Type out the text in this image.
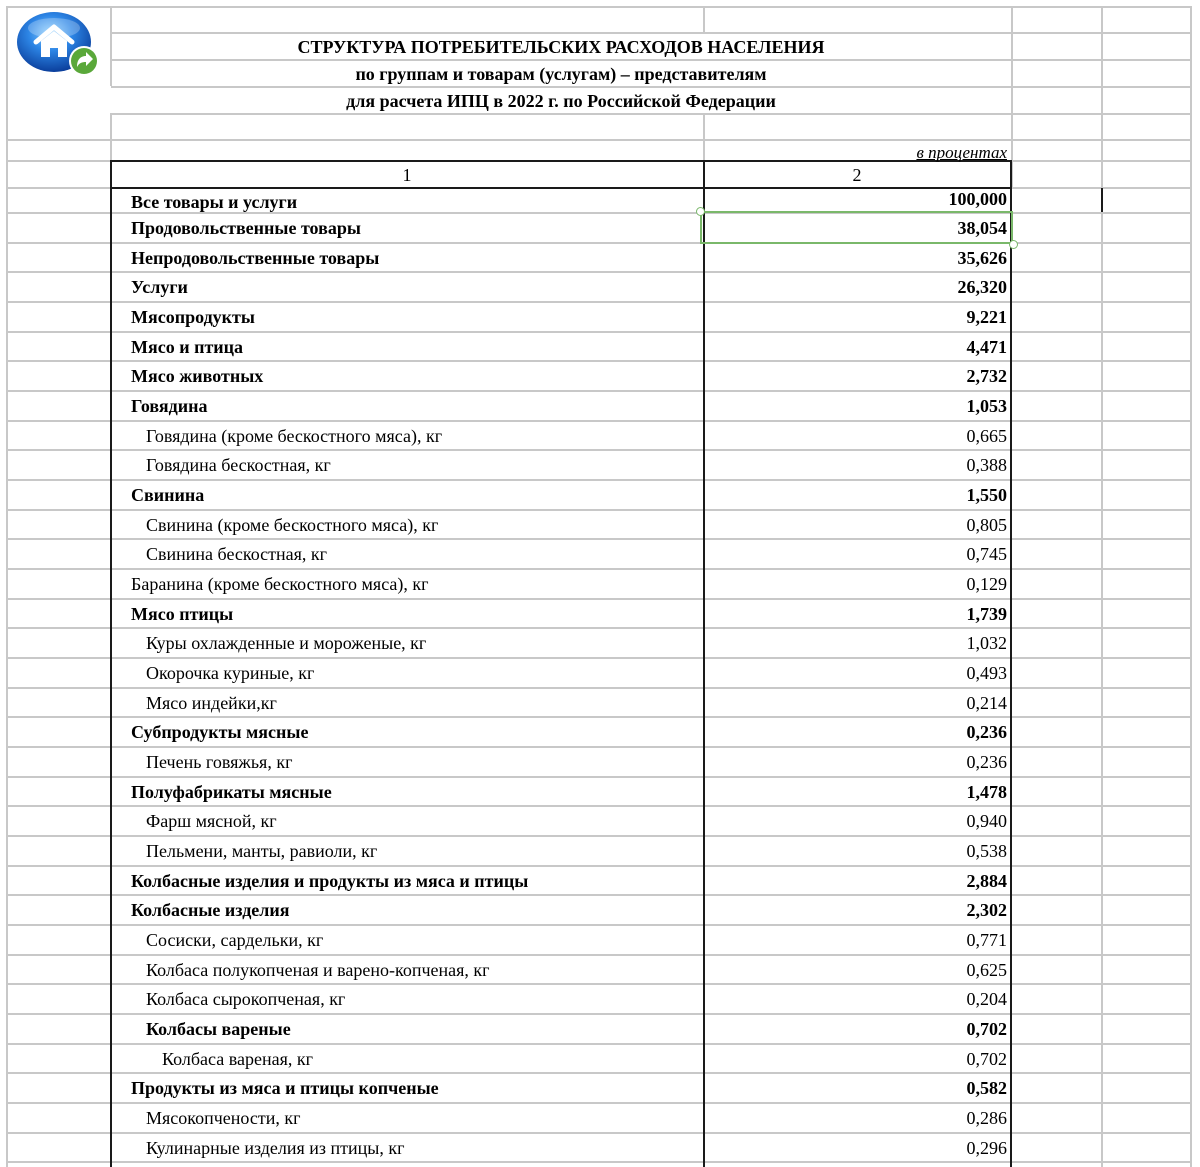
СТРУКТУРА ПОТРЕБИТЕЛЬСКИХ РАСХОДОВ НАСЕЛЕНИЯ
по группам и товарам (услугам) – представителям
для расчета ИПЦ в 2022 г. по Российской Федерации
в процентах
1	2
Все товары и услуги	100,000
Продовольственные товары	38,054
Непродовольственные товары	35,626
Услуги	26,320
Мясопродукты	9,221
Мясо и птица	4,471
Мясо животных	2,732
Говядина	1,053
Говядина (кроме бескостного мяса), кг	0,665
Говядина бескостная, кг	0,388
Свинина	1,550
Свинина (кроме бескостного мяса), кг	0,805
Свинина бескостная, кг	0,745
Баранина (кроме бескостного мяса), кг	0,129
Мясо птицы	1,739
Куры охлажденные и мороженые, кг	1,032
Окорочка куриные, кг	0,493
Мясо индейки,кг	0,214
Субпродукты мясные	0,236
Печень говяжья, кг	0,236
Полуфабрикаты мясные	1,478
Фарш мясной, кг	0,940
Пельмени, манты, равиоли, кг	0,538
Колбасные изделия и продукты из мяса и птицы	2,884
Колбасные изделия	2,302
Сосиски, сардельки, кг	0,771
Колбаса полукопченая и варено-копченая, кг	0,625
Колбаса сырокопченая, кг	0,204
Колбасы вареные	0,702
Колбаса вареная, кг	0,702
Продукты из мяса и птицы копченые	0,582
Мясокопчености, кг	0,286
Кулинарные изделия из птицы, кг	0,296
